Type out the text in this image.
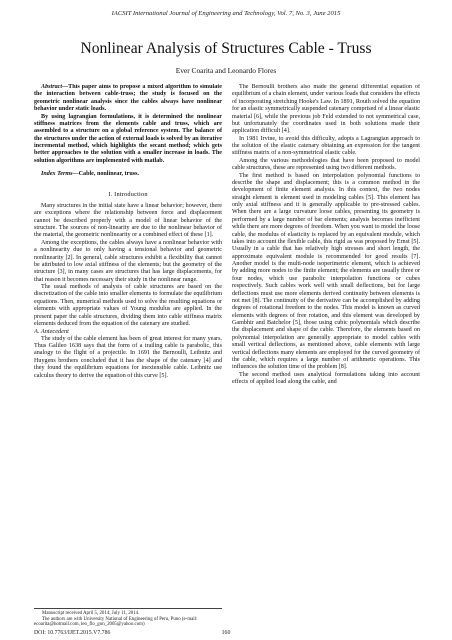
IACSIT International Journal of Engineering and Technology, Vol. 7, No. 3, June 2015
Nonlinear Analysis of Structures Cable - Truss
Ever Coarita and Leonardo Flores

Abstract—This paper aims to propose a mixed algorithm to simulate the interaction between cable-truss; the study is focused on the geometric nonlinear analysis since the cables always have nonlinear behavior under static loads.

By using lagrangian formulations, it is determined the nonlinear stiffness matrices from the elements cable and truss, which are assembled to a structure on a global reference system. The balance of the structures under the action of external loads is solved by an iterative incremental method, which highlights the secant method; which gets better approaches to the solution with a smaller increase in loads. The solution algorithms are implemented with matlab.

Index Terms—Cable, nonlinear, truss.

I. Introduction

Many structures in the initial state have a linear behavior; however, there are exceptions where the relationship between force and displacement cannot be described properly with a model of linear behavior of the structure. The sources of non-linearity are due to the nonlinear behavior of the material, the geometric nonlinearity or a combined effect of these [1].

Among the exceptions, the cables always have a nonlinear behavior with a nonlinearity due to only having a tensional behavior and geometric nonlinearity [2]. In general, cable structures exhibit a flexibility that cannot be attributed to low axial stiffness of the elements; but the geometry of the structure [3], in many cases are structures that has large displacements, for that reason it becomes necessary their study in the nonlinear range.

The usual methods of analysis of cable structures are based on the discretization of the cable into smaller elements to formulate the equilibrium equations. Then, numerical methods used to solve the resulting equations or elements with appropriate values of Young modulus are applied. In the present paper the cable structures, dividing them into cable stiffness matrix elements deduced from the equation of the catenary are studied.

A. Antecedent

The study of the cable element has been of great interest for many years. Thus Galileo 1638 says that the form of a trailing cable is parabolic, this analogy to the flight of a projectile. In 1691 the Bernoulli, Leibnitz and Huygens brothers concluded that it has the shape of the catenary [4] and they found the equilibrium equations for inextensible cable. Leibnitz use calculus theory to derive the equation of this curve [5].

The Bernoulli brothers also made the general differential equation of equilibrium of a chain element, under various loads that considers the effects of incorporating stretching Hooke's Law. In 1891, Routh solved the equation for an elastic symmetrically suspended catenary comprised of a linear elastic material [6], while the previous job Feld extended to not symmetrical case, but unfortunately the coordinates used in both solutions made their application difficult [4].

In 1981 Irvine, to avoid this difficulty, adopts a Lagrangian approach to the solution of the elastic catenary obtaining an expression for the tangent stiffness matrix of a non-symmetrical elastic cable.

Among the various methodologies that have been proposed to model cable structures, these are represented using two different methods.

The first method is based on interpolation polynomial functions to describe the shape and displacement; this is a common method in the development of finite element analysis. In this context, the two nodes straight element is element used in modeling cables [5]. This element has only axial stiffness and it is generally applicable to pre-stressed cables. When there are a large curvature loose cables, presenting its geometry is performed by a large number of bar elements; analysis becomes inefficient while there are more degrees of freedom. When you want to model the loose cable, the modulus of elasticity is replaced by an equivalent module, which takes into account the flexible cable, this rigid as was proposed by Ernst [5]. Usually in a cable that has relatively high stresses and short length, the approximate equivalent module is recommended for good results [7]. Another model is the multi-node isoperimetric element, which is achieved by adding more nodes to the finite element; the elements are usually three or four nodes, which use parabolic interpolation functions or cubes respectively. Such cables work well with small deflections, but for large deflections must use more elements derived continuity between elements is not met [8]. The continuity of the derivative can be accomplished by adding degrees of rotational freedom to the nodes. This model is known as curved elements with degrees of free rotation, and this element was developed by Gambhir and Batchelor [5], those using cubic polynomials which describe the displacement and shape of the cable. Therefore, the elements based on polynomial interpolation are generally appropriate to model cables with small vertical deflections, as mentioned above, cable elements with large vertical deflections many elements are employed for the curved geometry of the cable, which requires a large number of arithmetic operations. This influences the solution time of the problem [8].

The second method uses analytical formulations taking into account effects of applied load along the cable, and

Manuscript received April 5, 2014; July 11, 2014.
The authors are with University National of Engineering of Peru, Puno (e-mail: ecoarita@hotmail.com, leo_flo_gon_2005@yahoo.com)
DOI: 10.7763/IJET.2015.V7.786	160
